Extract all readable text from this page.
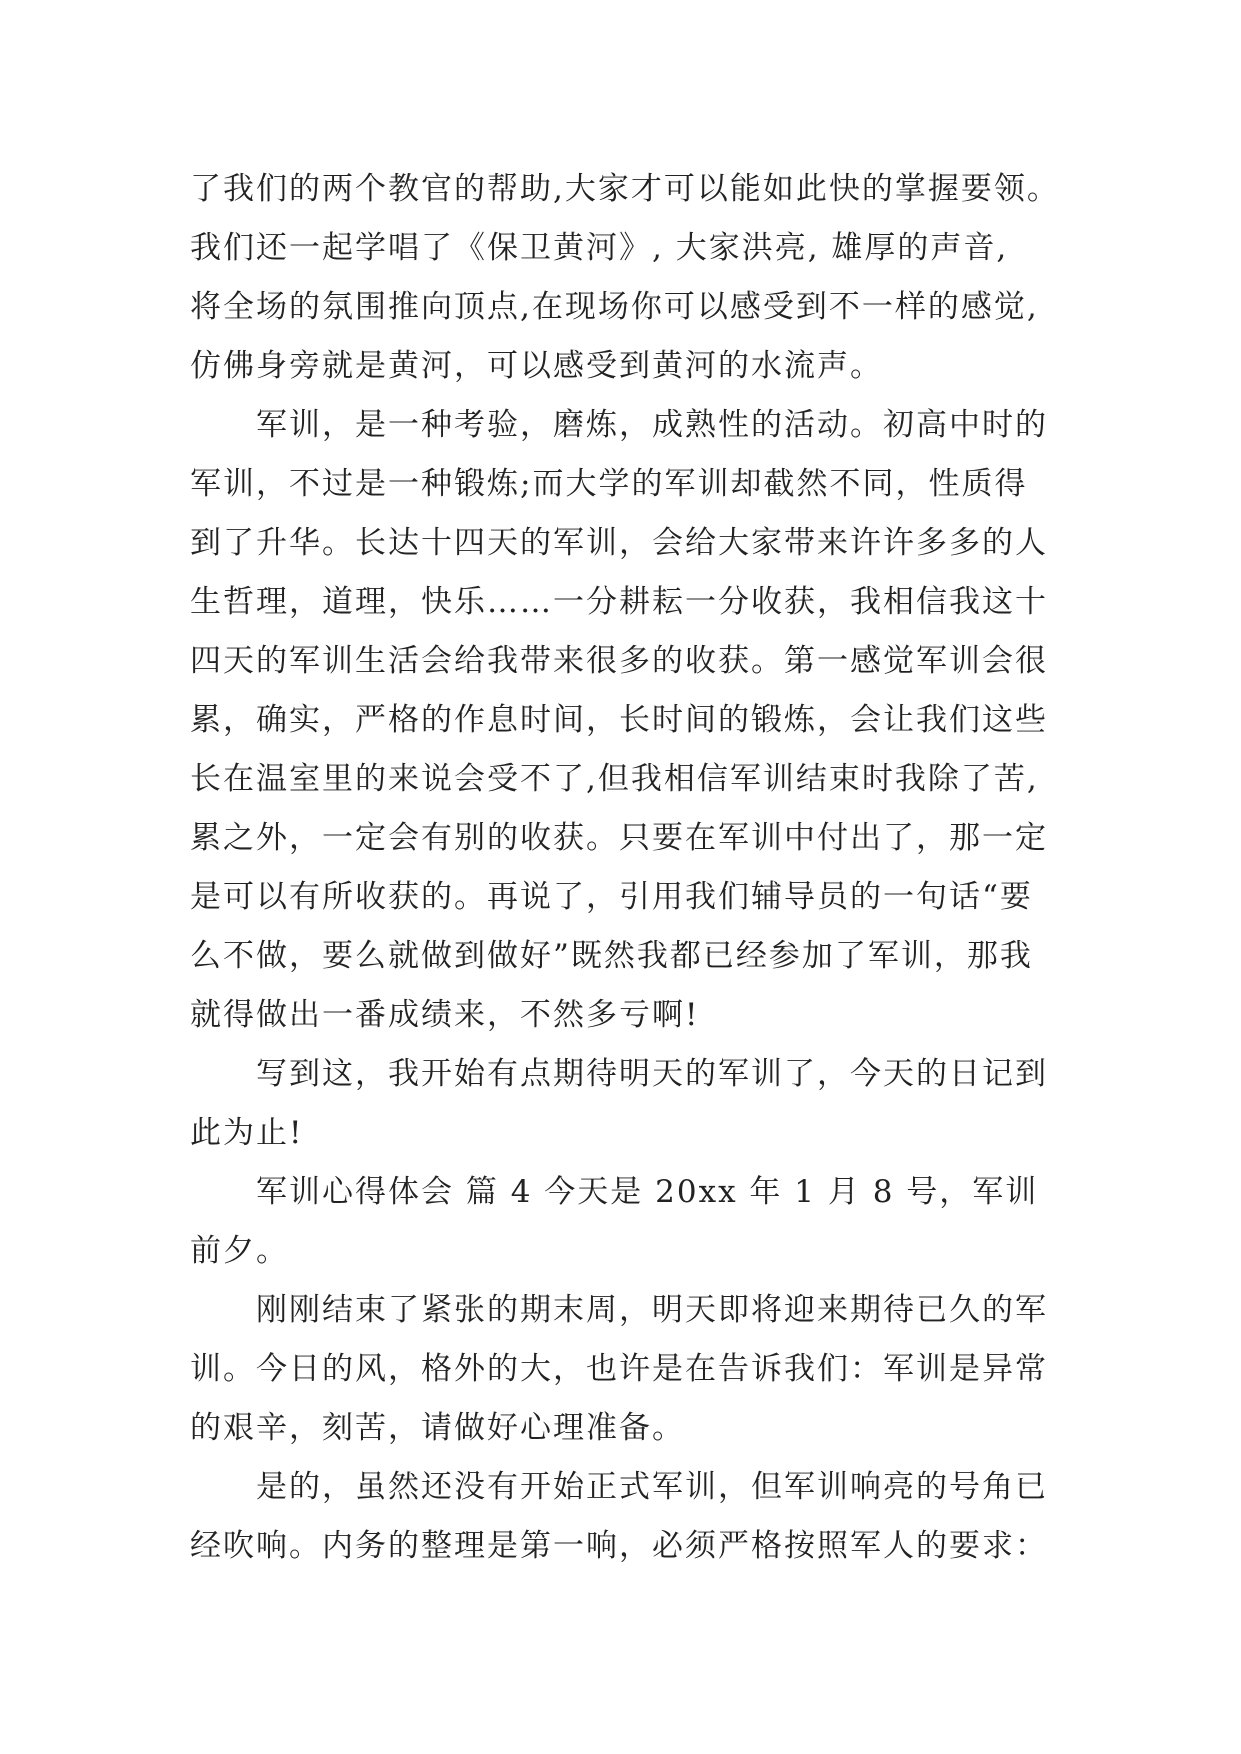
了我们的两个教官的帮助,大家才可以能如此快的掌握要领。
我们还一起学唱了《保卫黄河》, 大家洪亮, 雄厚的声音,
将全场的氛围推向顶点,在现场你可以感受到不一样的感觉,
仿佛身旁就是黄河，可以感受到黄河的水流声。
军训，是一种考验，磨炼，成熟性的活动。初高中时的
军训，不过是一种锻炼;而大学的军训却截然不同，性质得
到了升华。长达十四天的军训，会给大家带来许许多多的人
生哲理，道理，快乐……一分耕耘一分收获，我相信我这十
四天的军训生活会给我带来很多的收获。第一感觉军训会很
累，确实，严格的作息时间，长时间的锻炼，会让我们这些
长在温室里的来说会受不了,但我相信军训结束时我除了苦,
累之外，一定会有别的收获。只要在军训中付出了，那一定
是可以有所收获的。再说了，引用我们辅导员的一句话“要
么不做，要么就做到做好”既然我都已经参加了军训，那我
就得做出一番成绩来，不然多亏啊!
写到这，我开始有点期待明天的军训了，今天的日记到
此为止!
军训心得体会 篇 4 今天是 20xx 年 1 月 8 号，军训
前夕。
刚刚结束了紧张的期末周，明天即将迎来期待已久的军
训。今日的风，格外的大，也许是在告诉我们：军训是异常
的艰辛，刻苦，请做好心理准备。
是的，虽然还没有开始正式军训，但军训响亮的号角已
经吹响。内务的整理是第一响，必须严格按照军人的要求：
